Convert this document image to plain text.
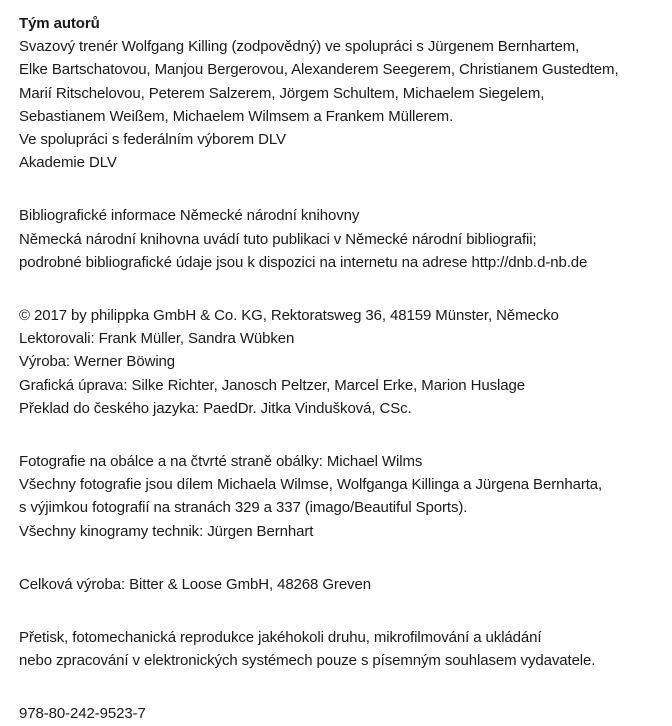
Tým autorů
Svazový trenér Wolfgang Killing (zodpovědný) ve spolupráci s Jürgenem Bernhartem,
Elke Bartschatovou, Manjou Bergerovou, Alexanderem Seegerem, Christianem Gustedtem,
Marií Ritschelovou, Peterem Salzerem, Jörgem Schultem, Michaelem Siegelem,
Sebastianem Weißem, Michaelem Wilmsem a Frankem Müllerem.
Ve spolupráci s federálním výborem DLV
Akademie DLV
Bibliografické informace Německé národní knihovny
Německá národní knihovna uvádí tuto publikaci v Německé národní bibliografii;
podrobné bibliografické údaje jsou k dispozici na internetu na adrese http://dnb.d-nb.de
© 2017 by philippka GmbH & Co. KG, Rektoratsweg 36, 48159 Münster, Německo
Lektorovali: Frank Müller, Sandra Wübken
Výroba: Werner Böwing
Grafická úprava: Silke Richter, Janosch Peltzer, Marcel Erke, Marion Huslage
Překlad do českého jazyka: PaedDr. Jitka Vindušková, CSc.
Fotografie na obálce a na čtvrté straně obálky: Michael Wilms
Všechny fotografie jsou dílem Michaela Wilmse, Wolfganga Killinga a Jürgena Bernharta,
s výjimkou fotografií na stranách 329 a 337 (imago/Beautiful Sports).
Všechny kinogramy technik: Jürgen Bernhart
Celková výroba: Bitter & Loose GmbH, 48268 Greven
Přetisk, fotomechanická reprodukce jakéhokoli druhu, mikrofilmování a ukládání
nebo zpracování v elektronických systémech pouze s písemným souhlasem vydavatele.
978-80-242-9523-7
